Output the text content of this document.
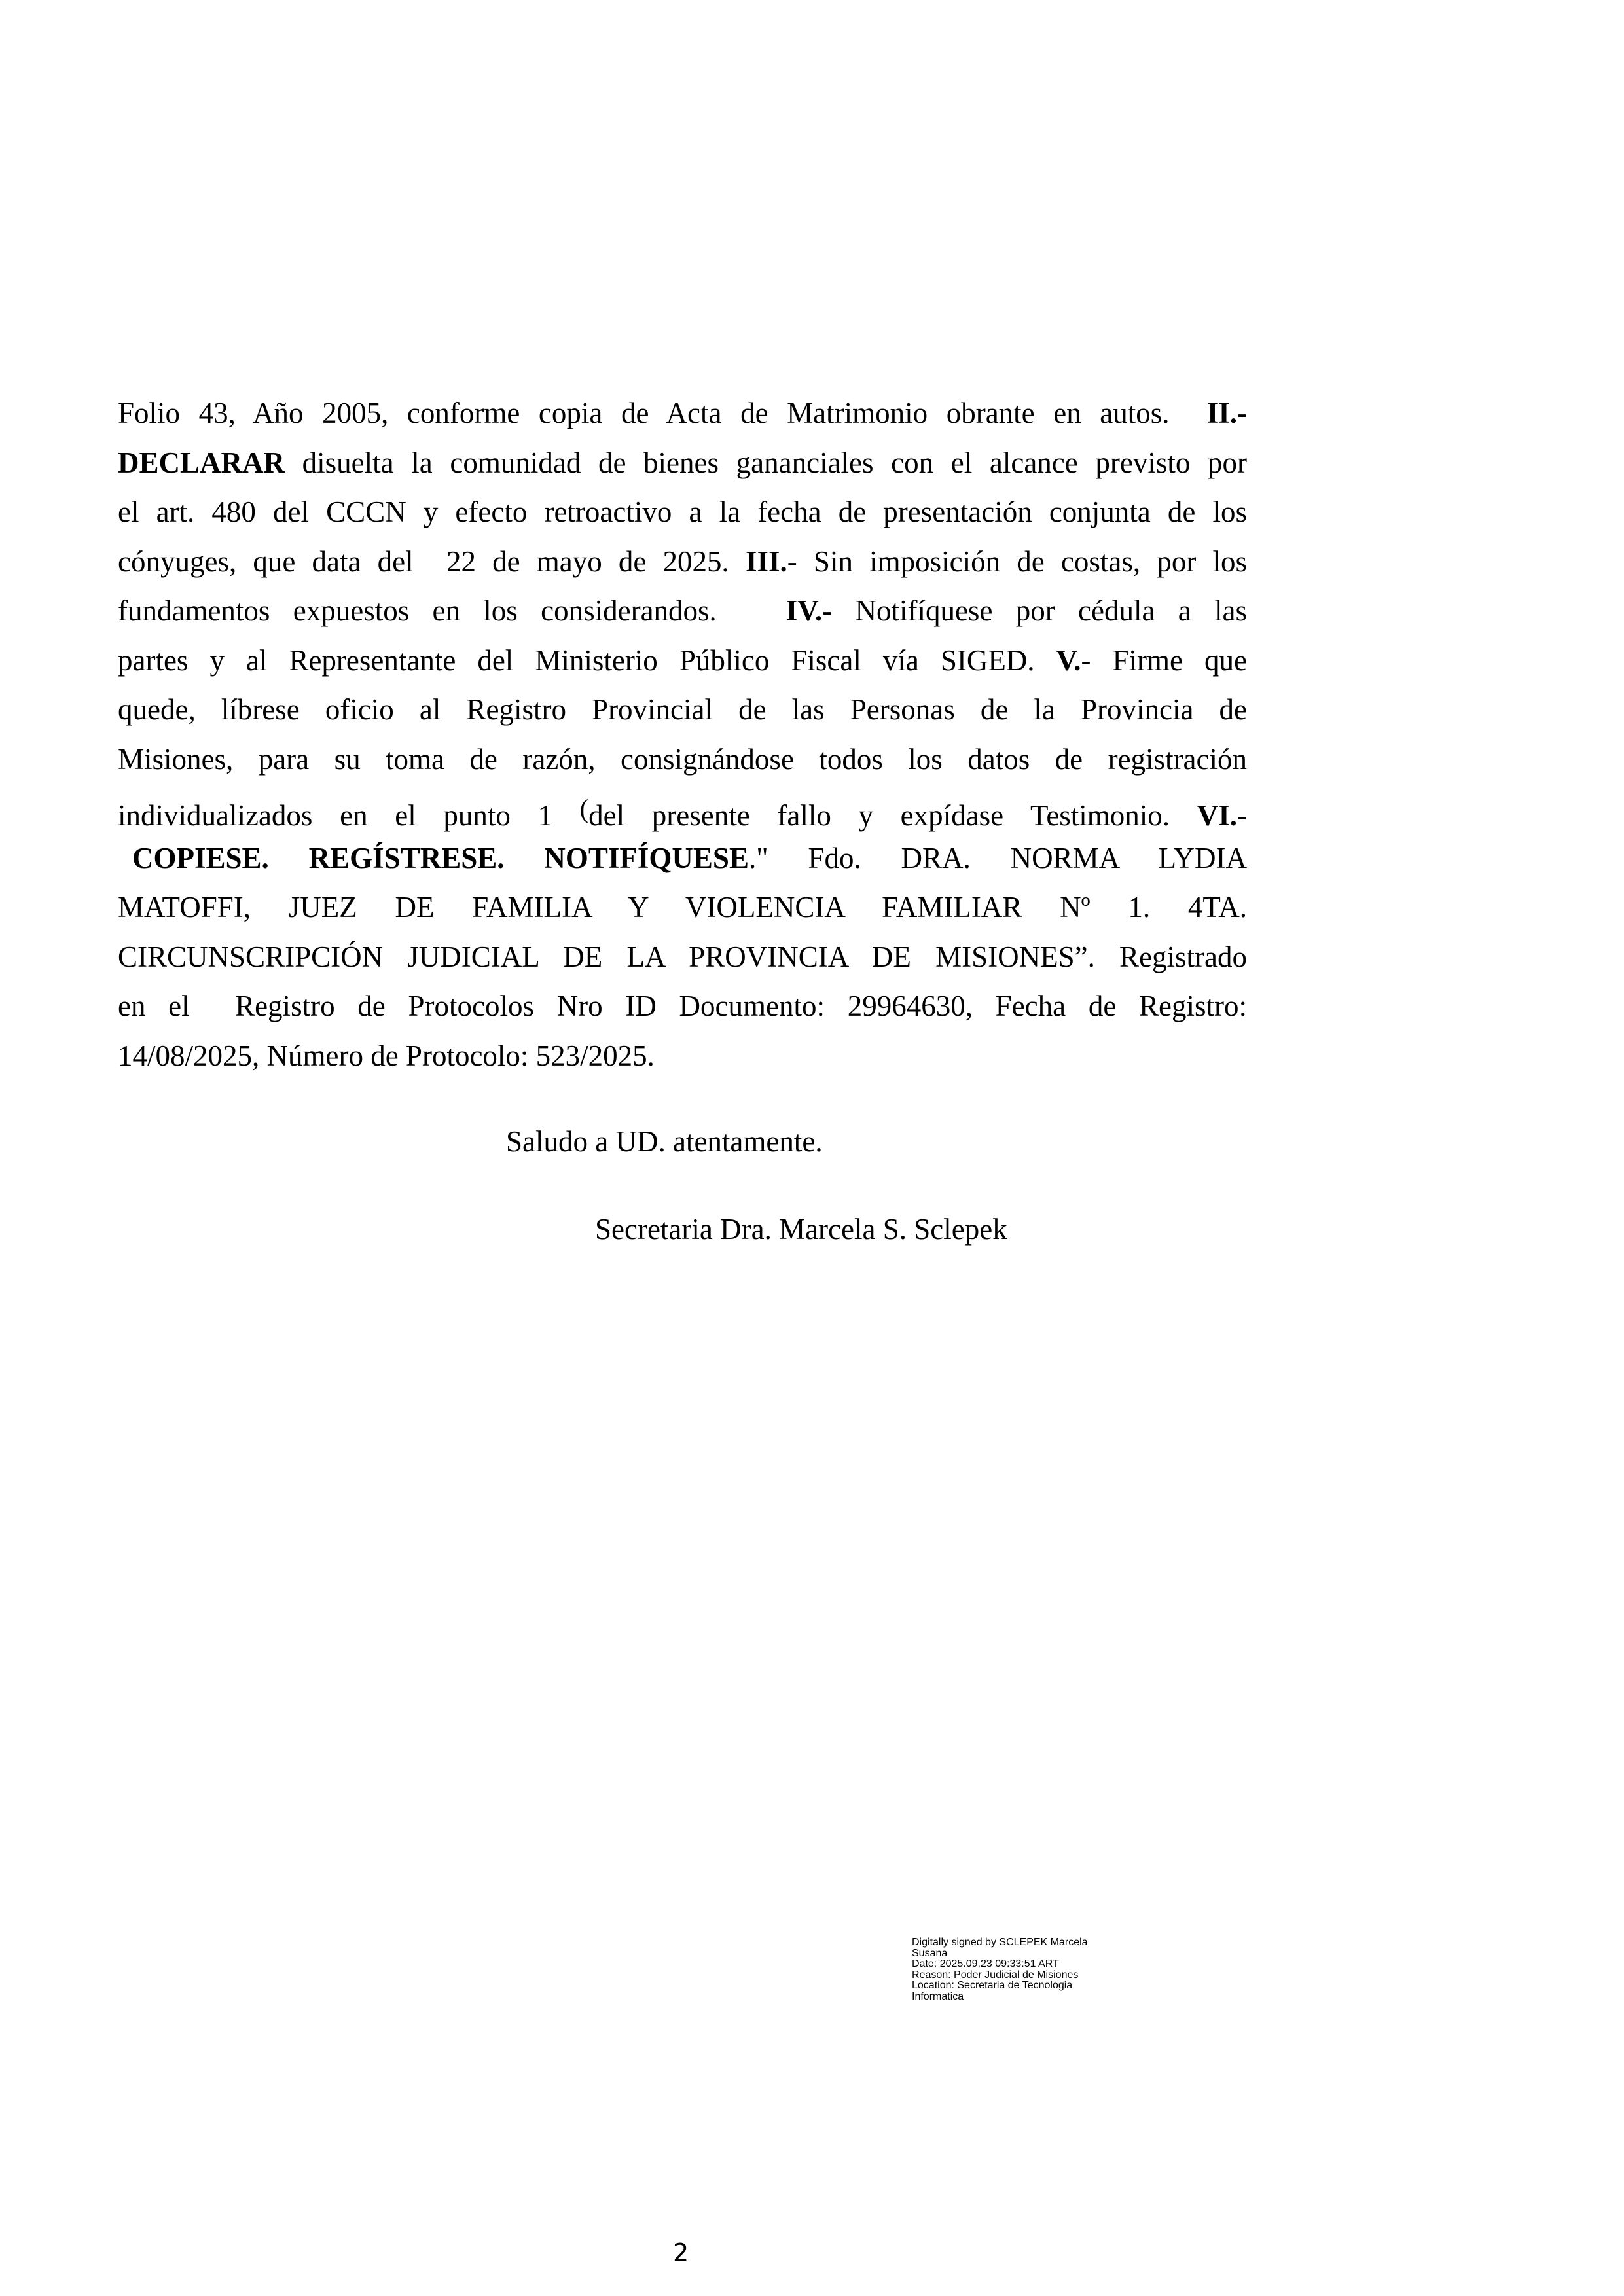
Folio 43, Año 2005, conforme copia de Acta de Matrimonio obrante en autos.  II.-
DECLARAR disuelta la comunidad de bienes gananciales con el alcance previsto por
el art. 480 del CCCN y efecto retroactivo a la fecha de presentación conjunta de los
cónyuges, que data del  22 de mayo de 2025. III.- Sin imposición de costas, por los
fundamentos expuestos en los considerandos.   IV.- Notifíquese por cédula a las
partes y al Representante del Ministerio Público Fiscal vía SIGED. V.- Firme que
quede, líbrese oficio al Registro Provincial de las Personas de la Provincia de
Misiones, para su toma de razón, consignándose todos los datos de registración
individualizados en el punto 1 (del presente fallo y expídase Testimonio. VI.-
COPIESE. REGÍSTRESE. NOTIFÍQUESE." Fdo. DRA. NORMA LYDIA
MATOFFI, JUEZ DE FAMILIA Y VIOLENCIA FAMILIAR Nº 1. 4TA.
CIRCUNSCRIPCIÓN JUDICIAL DE LA PROVINCIA DE MISIONES”. Registrado
en el  Registro de Protocolos Nro ID Documento: 29964630, Fecha de Registro:
14/08/2025, Número de Protocolo: 523/2025.
Saludo a UD. atentamente.
Secretaria Dra. Marcela S. Sclepek
Digitally signed by SCLEPEK Marcela
Susana
Date: 2025.09.23 09:33:51 ART
Reason: Poder Judicial de Misiones
Location: Secretaria de Tecnologia
Informatica
2
